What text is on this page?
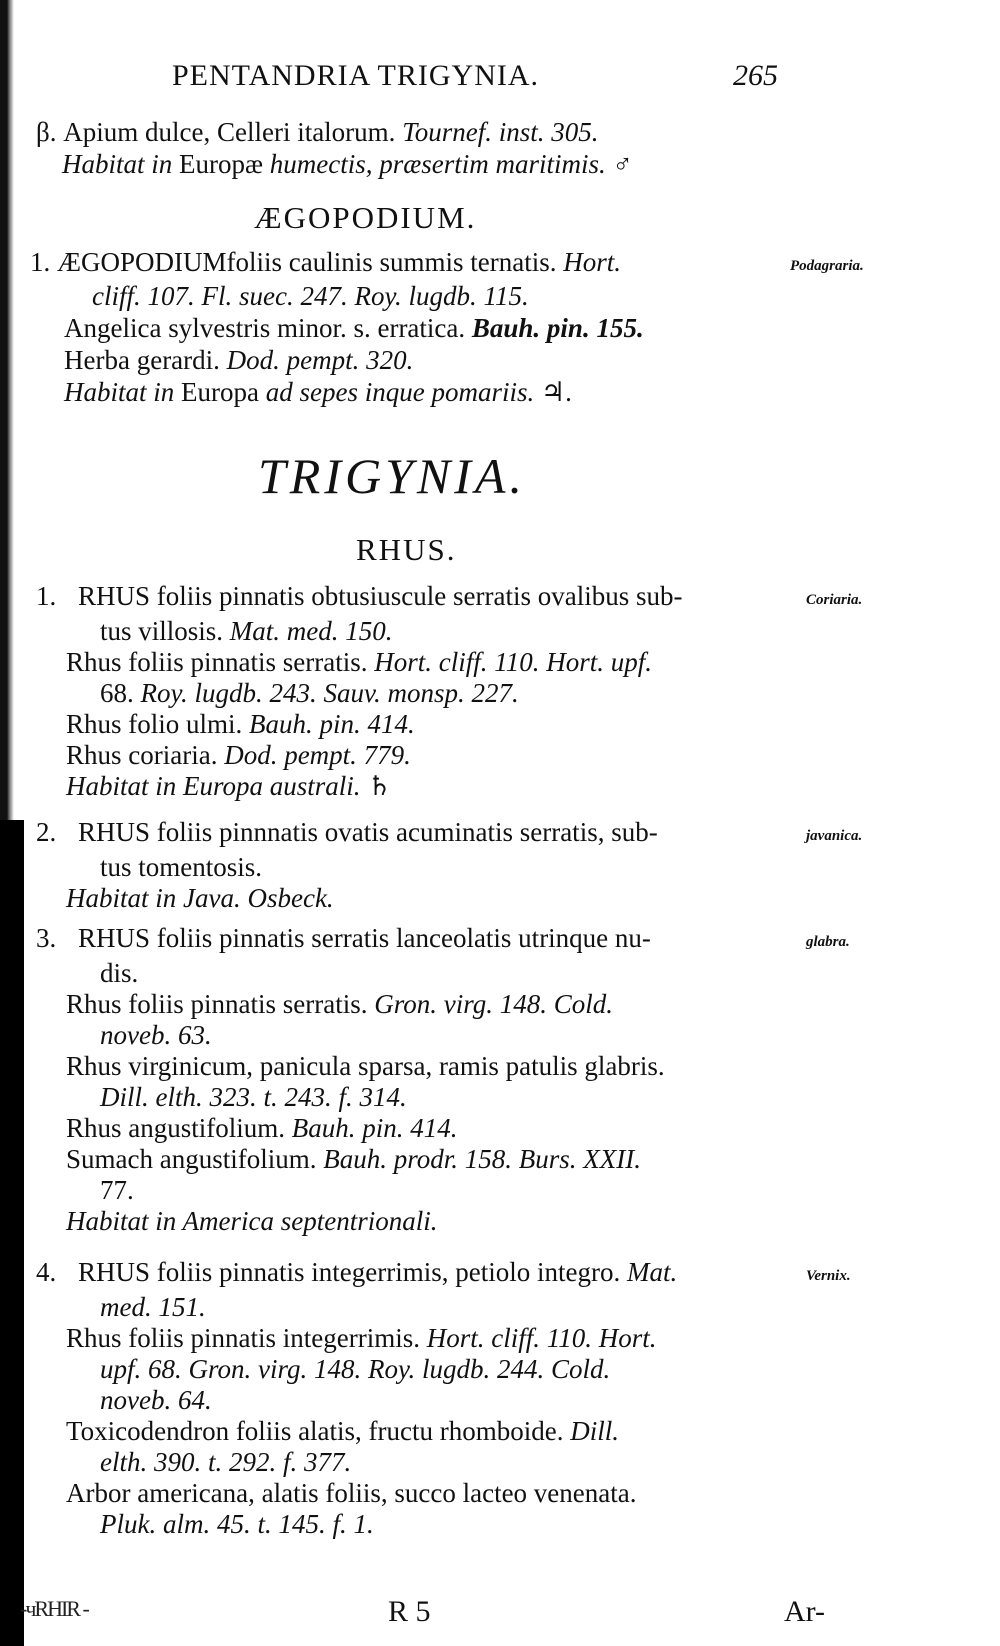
PENTANDRIA TRIGYNIA.	265
β. Apium dulce, Celleri italorum. Tournef. inst. 305.
Habitat in Europæ humectis, præsertim maritimis. ♂
ÆGOPODIUM.
1. ÆGOPODIUMfoliis caulinis summis ternatis. Hort.	Podagraria.
cliff. 107. Fl. suec. 247. Roy. lugdb. 115.
Angelica sylvestris minor. s. erratica. Bauh. pin. 155.
Herba gerardi. Dod. pempt. 320.
Habitat in Europa ad sepes inque pomariis. ♃.
TRIGYNIA.
RHUS.
1.	Coriaria.
RHUS foliis pinnatis obtusiuscule serratis ovalibus sub-
tus villosis. Mat. med. 150.
Rhus foliis pinnatis serratis. Hort. cliff. 110. Hort. upf.
68. Roy. lugdb. 243. Sauv. monsp. 227.
Rhus folio ulmi. Bauh. pin. 414.
Rhus coriaria. Dod. pempt. 779.
Habitat in Europa australi. ♄
2.	javanica.
RHUS foliis pinnnatis ovatis acuminatis serratis, sub-
tus tomentosis.
Habitat in Java. Osbeck.
3.	glabra.
RHUS foliis pinnatis serratis lanceolatis utrinque nu-
dis.
Rhus foliis pinnatis serratis. Gron. virg. 148. Cold.
noveb. 63.
Rhus virginicum, panicula sparsa, ramis patulis glabris.
Dill. elth. 323. t. 243. f. 314.
Rhus angustifolium. Bauh. pin. 414.
Sumach angustifolium. Bauh. prodr. 158. Burs. XXII.
77.
Habitat in America septentrionali.
4.	Vernix.
RHUS foliis pinnatis integerrimis, petiolo integro. Mat.
med. 151.
Rhus foliis pinnatis integerrimis. Hort. cliff. 110. Hort.
upf. 68. Gron. virg. 148. Roy. lugdb. 244. Cold.
noveb. 64.
Toxicodendron foliis alatis, fructu rhomboide. Dill.
elth. 390. t. 292. f. 377.
Arbor americana, alatis foliis, succo lacteo venenata.
Pluk. alm. 45. t. 145. f. 1.
-чRHIR -	R 5	Ar-
